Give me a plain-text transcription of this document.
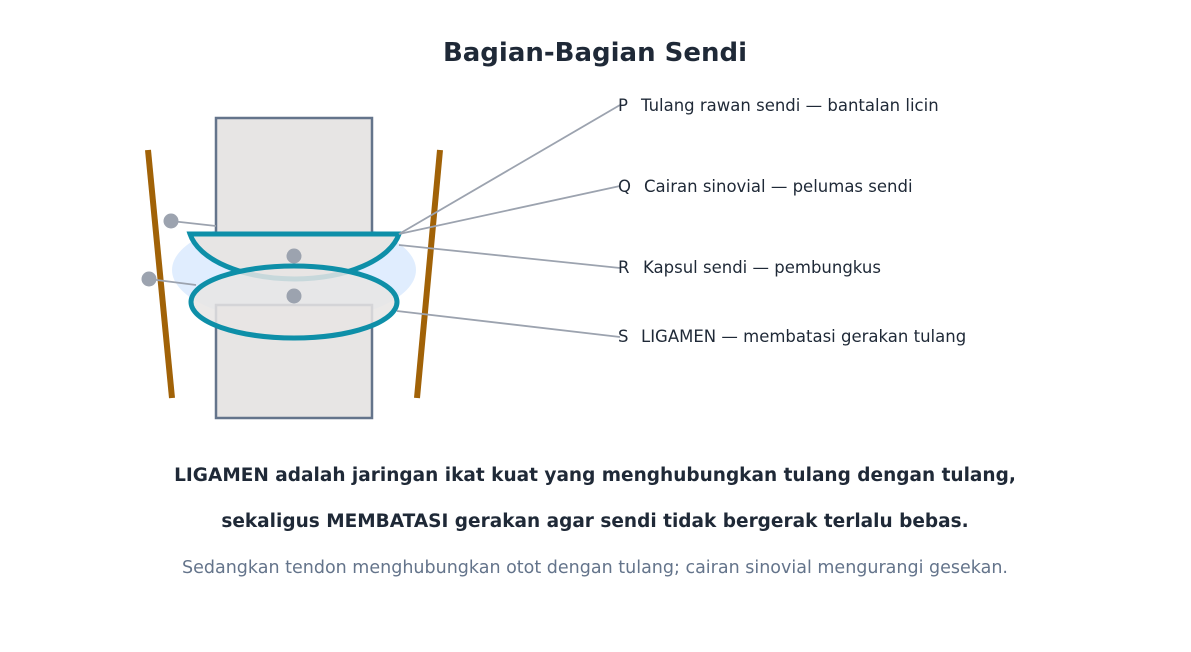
Bagian-Bagian Sendi
P Tulang rawan sendi — bantalan licin
Q Cairan sinovial — pelumas sendi
R Kapsul sendi — pembungkus
S LIGAMEN — membatasi gerakan tulang
LIGAMEN adalah jaringan ikat kuat yang menghubungkan tulang dengan tulang,
sekaligus MEMBATASI gerakan agar sendi tidak bergerak terlalu bebas.
Sedangkan tendon menghubungkan otot dengan tulang; cairan sinovial mengurangi gesekan.
